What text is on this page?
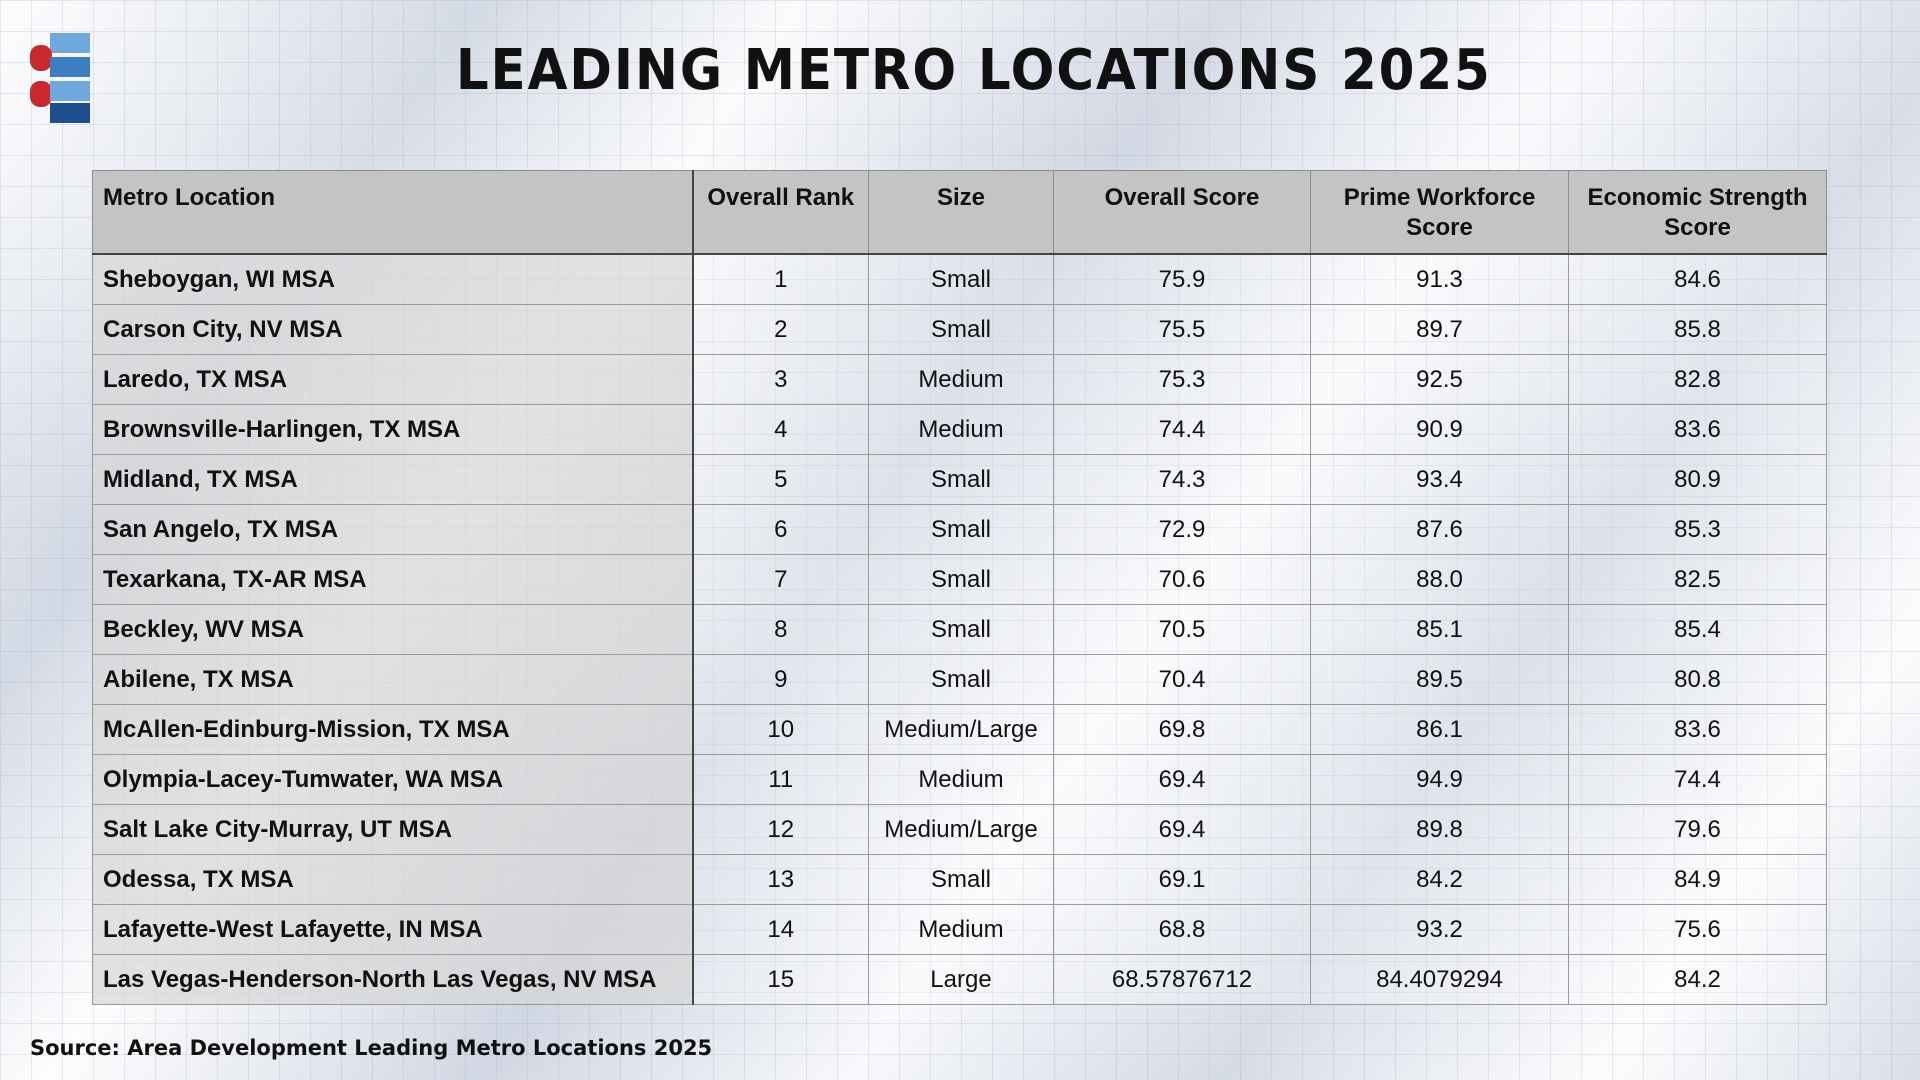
LEADING METRO LOCATIONS 2025
Metro Location	Overall Rank	Size	Overall Score	Prime Workforce Score	Economic Strength Score
Sheboygan, WI MSA	1	Small	75.9	91.3	84.6
Carson City, NV MSA	2	Small	75.5	89.7	85.8
Laredo, TX MSA	3	Medium	75.3	92.5	82.8
Brownsville-Harlingen, TX MSA	4	Medium	74.4	90.9	83.6
Midland, TX MSA	5	Small	74.3	93.4	80.9
San Angelo, TX MSA	6	Small	72.9	87.6	85.3
Texarkana, TX-AR MSA	7	Small	70.6	88.0	82.5
Beckley, WV MSA	8	Small	70.5	85.1	85.4
Abilene, TX MSA	9	Small	70.4	89.5	80.8
McAllen-Edinburg-Mission, TX MSA	10	Medium/Large	69.8	86.1	83.6
Olympia-Lacey-Tumwater, WA MSA	11	Medium	69.4	94.9	74.4
Salt Lake City-Murray, UT MSA	12	Medium/Large	69.4	89.8	79.6
Odessa, TX MSA	13	Small	69.1	84.2	84.9
Lafayette-West Lafayette, IN MSA	14	Medium	68.8	93.2	75.6
Las Vegas-Henderson-North Las Vegas, NV MSA	15	Large	68.57876712	84.4079294	84.2
Source: Area Development Leading Metro Locations 2025
